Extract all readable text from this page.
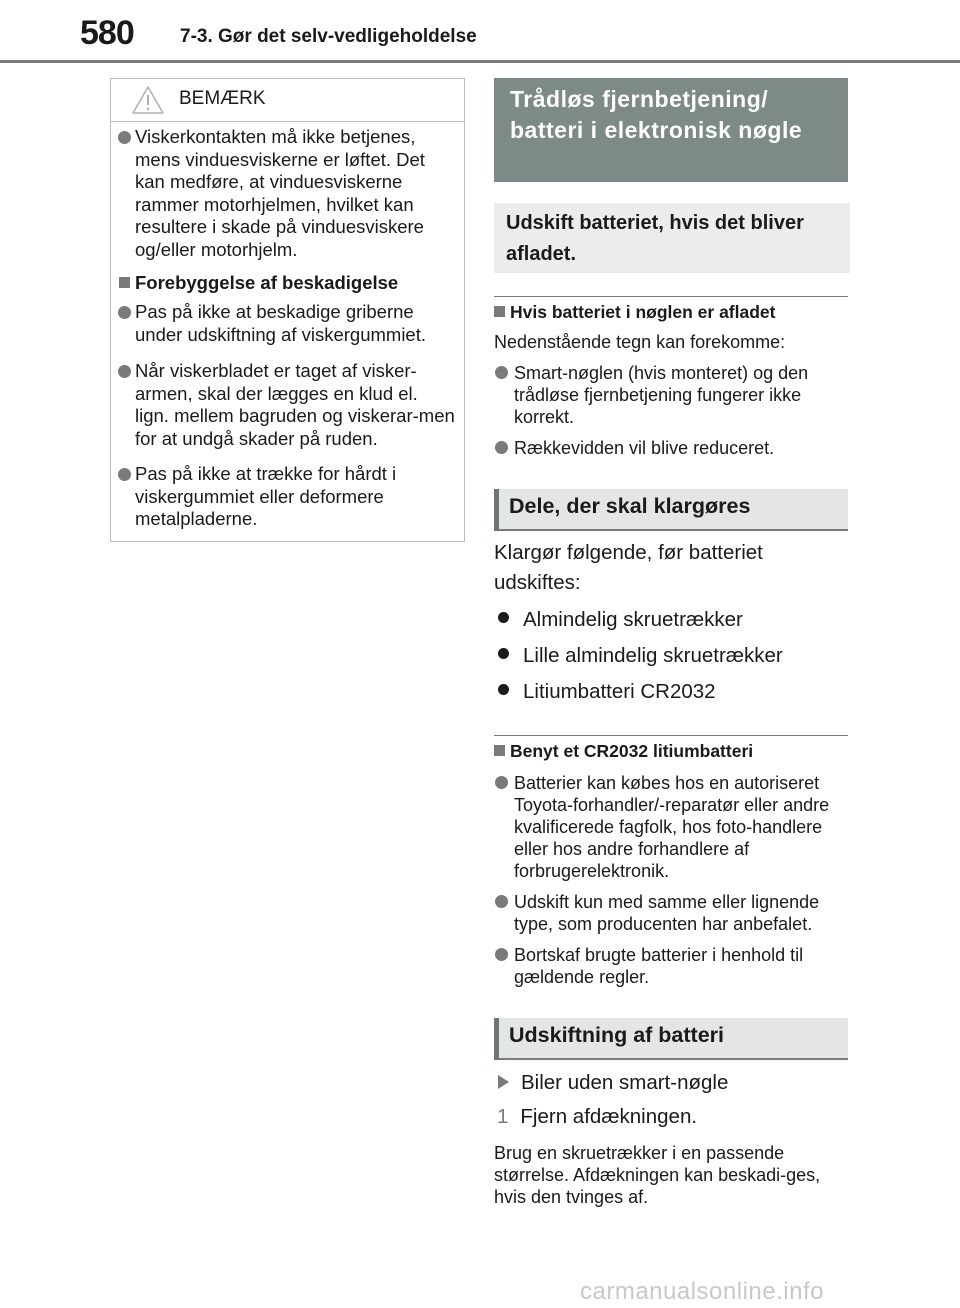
580 7-3. Gør det selv-vedligeholdelse
BEMÆRK
Viskerkontakten må ikke betjenes, mens vinduesviskerne er løftet. Det kan medføre, at vinduesviskerne rammer motorhjelmen, hvilket kan resultere i skade på vinduesviskere og/eller motorhjelm.
Forebyggelse af beskadigelse
Pas på ikke at beskadige griberne under udskiftning af viskergummiet.
Når viskerbladet er taget af visker-armen, skal der lægges en klud el. lign. mellem bagruden og viskerar-men for at undgå skader på ruden.
Pas på ikke at trække for hårdt i viskergummiet eller deformere metalpladerne.
Trådløs fjernbetjening/ batteri i elektronisk nøgle
Udskift batteriet, hvis det bliver afladet.
Hvis batteriet i nøglen er afladet
Nedenstående tegn kan forekomme:
Smart-nøglen (hvis monteret) og den trådløse fjernbetjening fungerer ikke korrekt.
Rækkevidden vil blive reduceret.
Dele, der skal klargøres
Klargør følgende, før batteriet udskiftes:
Almindelig skruetrækker
Lille almindelig skruetrækker
Litiumbatteri CR2032
Benyt et CR2032 litiumbatteri
Batterier kan købes hos en autoriseret Toyota-forhandler/-reparatør eller andre kvalificerede fagfolk, hos foto-handlere eller hos andre forhandlere af forbrugerelektronik.
Udskift kun med samme eller lignende type, som producenten har anbefalet.
Bortskaf brugte batterier i henhold til gældende regler.
Udskiftning af batteri
Biler uden smart-nøgle
1 Fjern afdækningen.
Brug en skruetrækker i en passende størrelse. Afdækningen kan beskadi-ges, hvis den tvinges af.
carmanualsonline.info
